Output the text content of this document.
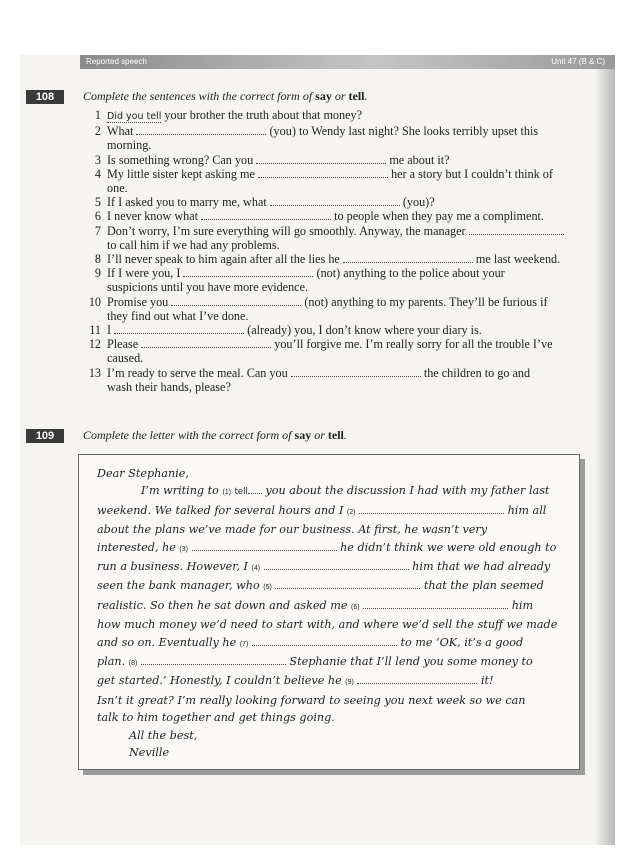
Reported speech	Unit 47 (B & C)
108	Complete the sentences with the correct form of say or tell.
1 Did you tell your brother the truth about that money?
2 What	(you) to Wendy last night? She looks terribly upset this
morning.
3 Is something wrong? Can you	me about it?
4 My little sister kept asking me	her a story but I couldn’t think of
one.
5 If I asked you to marry me, what	(you)?
6 I never know what	to people when they pay me a compliment.
7 Don’t worry, I’m sure everything will go smoothly. Anyway, the manager
to call him if we had any problems.
8 I’ll never speak to him again after all the lies he	me last weekend.
9 If I were you, I	(not) anything to the police about your
suspicions until you have more evidence.
10 Promise you	(not) anything to my parents. They’ll be furious if
they find out what I’ve done.
11 I	(already) you, I don’t know where your diary is.
12 Please	you’ll forgive me. I’m really sorry for all the trouble I’ve
caused.
13 I’m ready to serve the meal. Can you	the children to go and
wash their hands, please?
109	Complete the letter with the correct form of say or tell.
Dear Stephanie,
I’m writing to (1) tell you about the discussion I had with my father last
weekend. We talked for several hours and I (2)	him all
about the plans we’ve made for our business. At first, he wasn’t very
interested, he (3)	he didn’t think we were old enough to
run a business. However, I (4)	him that we had already
seen the bank manager, who (5)	that the plan seemed
realistic. So then he sat down and asked me (6)	him
how much money we’d need to start with, and where we’d sell the stuff we made
and so on. Eventually he (7)	to me ‘OK, it’s a good
plan. (8)	Stephanie that I’ll lend you some money to
get started.’ Honestly, I couldn’t believe he (9)	it!
Isn’t it great? I’m really looking forward to seeing you next week so we can
talk to him together and get things going.
All the best,
Neville
